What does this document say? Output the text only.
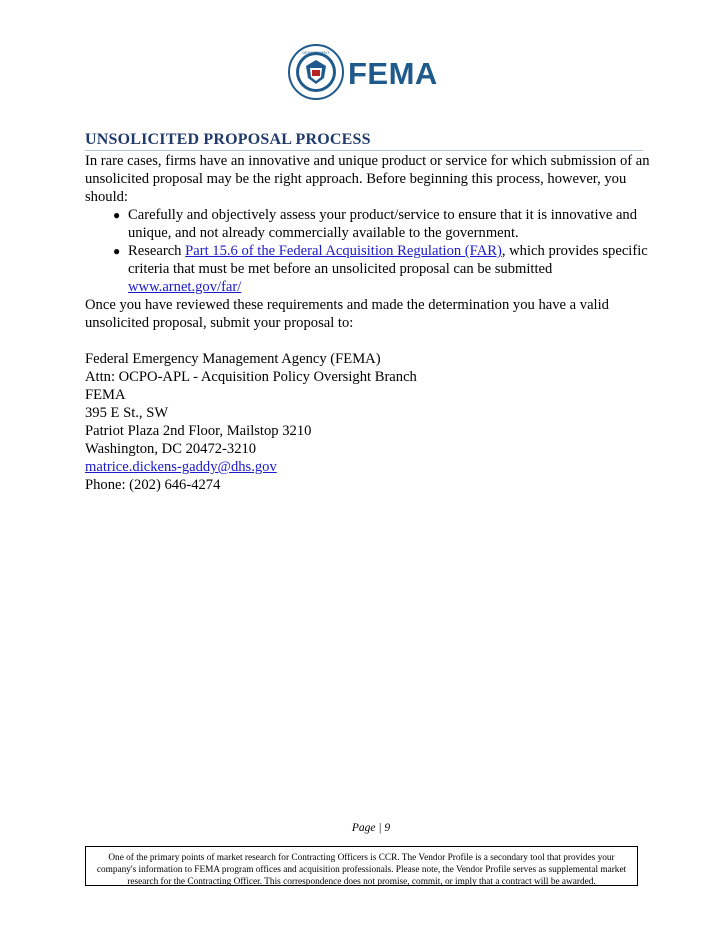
DEPARTMENT
FEMA
UNSOLICITED PROPOSAL PROCESS

In rare cases, firms have an innovative and unique product or service for which submission of an unsolicited proposal may be the right approach. Before beginning this process, however, you should:

● Carefully and objectively assess your product/service to ensure that it is innovative and unique, and not already commercially available to the government.
● Research Part 15.6 of the Federal Acquisition Regulation (FAR), which provides specific criteria that must be met before an unsolicited proposal can be submitted
www.arnet.gov/far/

Once you have reviewed these requirements and made the determination you have a valid unsolicited proposal, submit your proposal to:

Federal Emergency Management Agency (FEMA)
Attn: OCPO-APL - Acquisition Policy Oversight Branch
FEMA
395 E St., SW
Patriot Plaza 2nd Floor, Mailstop 3210
Washington, DC 20472-3210
matrice.dickens-gaddy@dhs.gov
Phone: (202) 646-4274
Page | 9
One of the primary points of market research for Contracting Officers is CCR. The Vendor Profile is a secondary tool that provides your company's information to FEMA program offices and acquisition professionals. Please note, the Vendor Profile serves as supplemental market research for the Contracting Officer. This correspondence does not promise, commit, or imply that a contract will be awarded.
